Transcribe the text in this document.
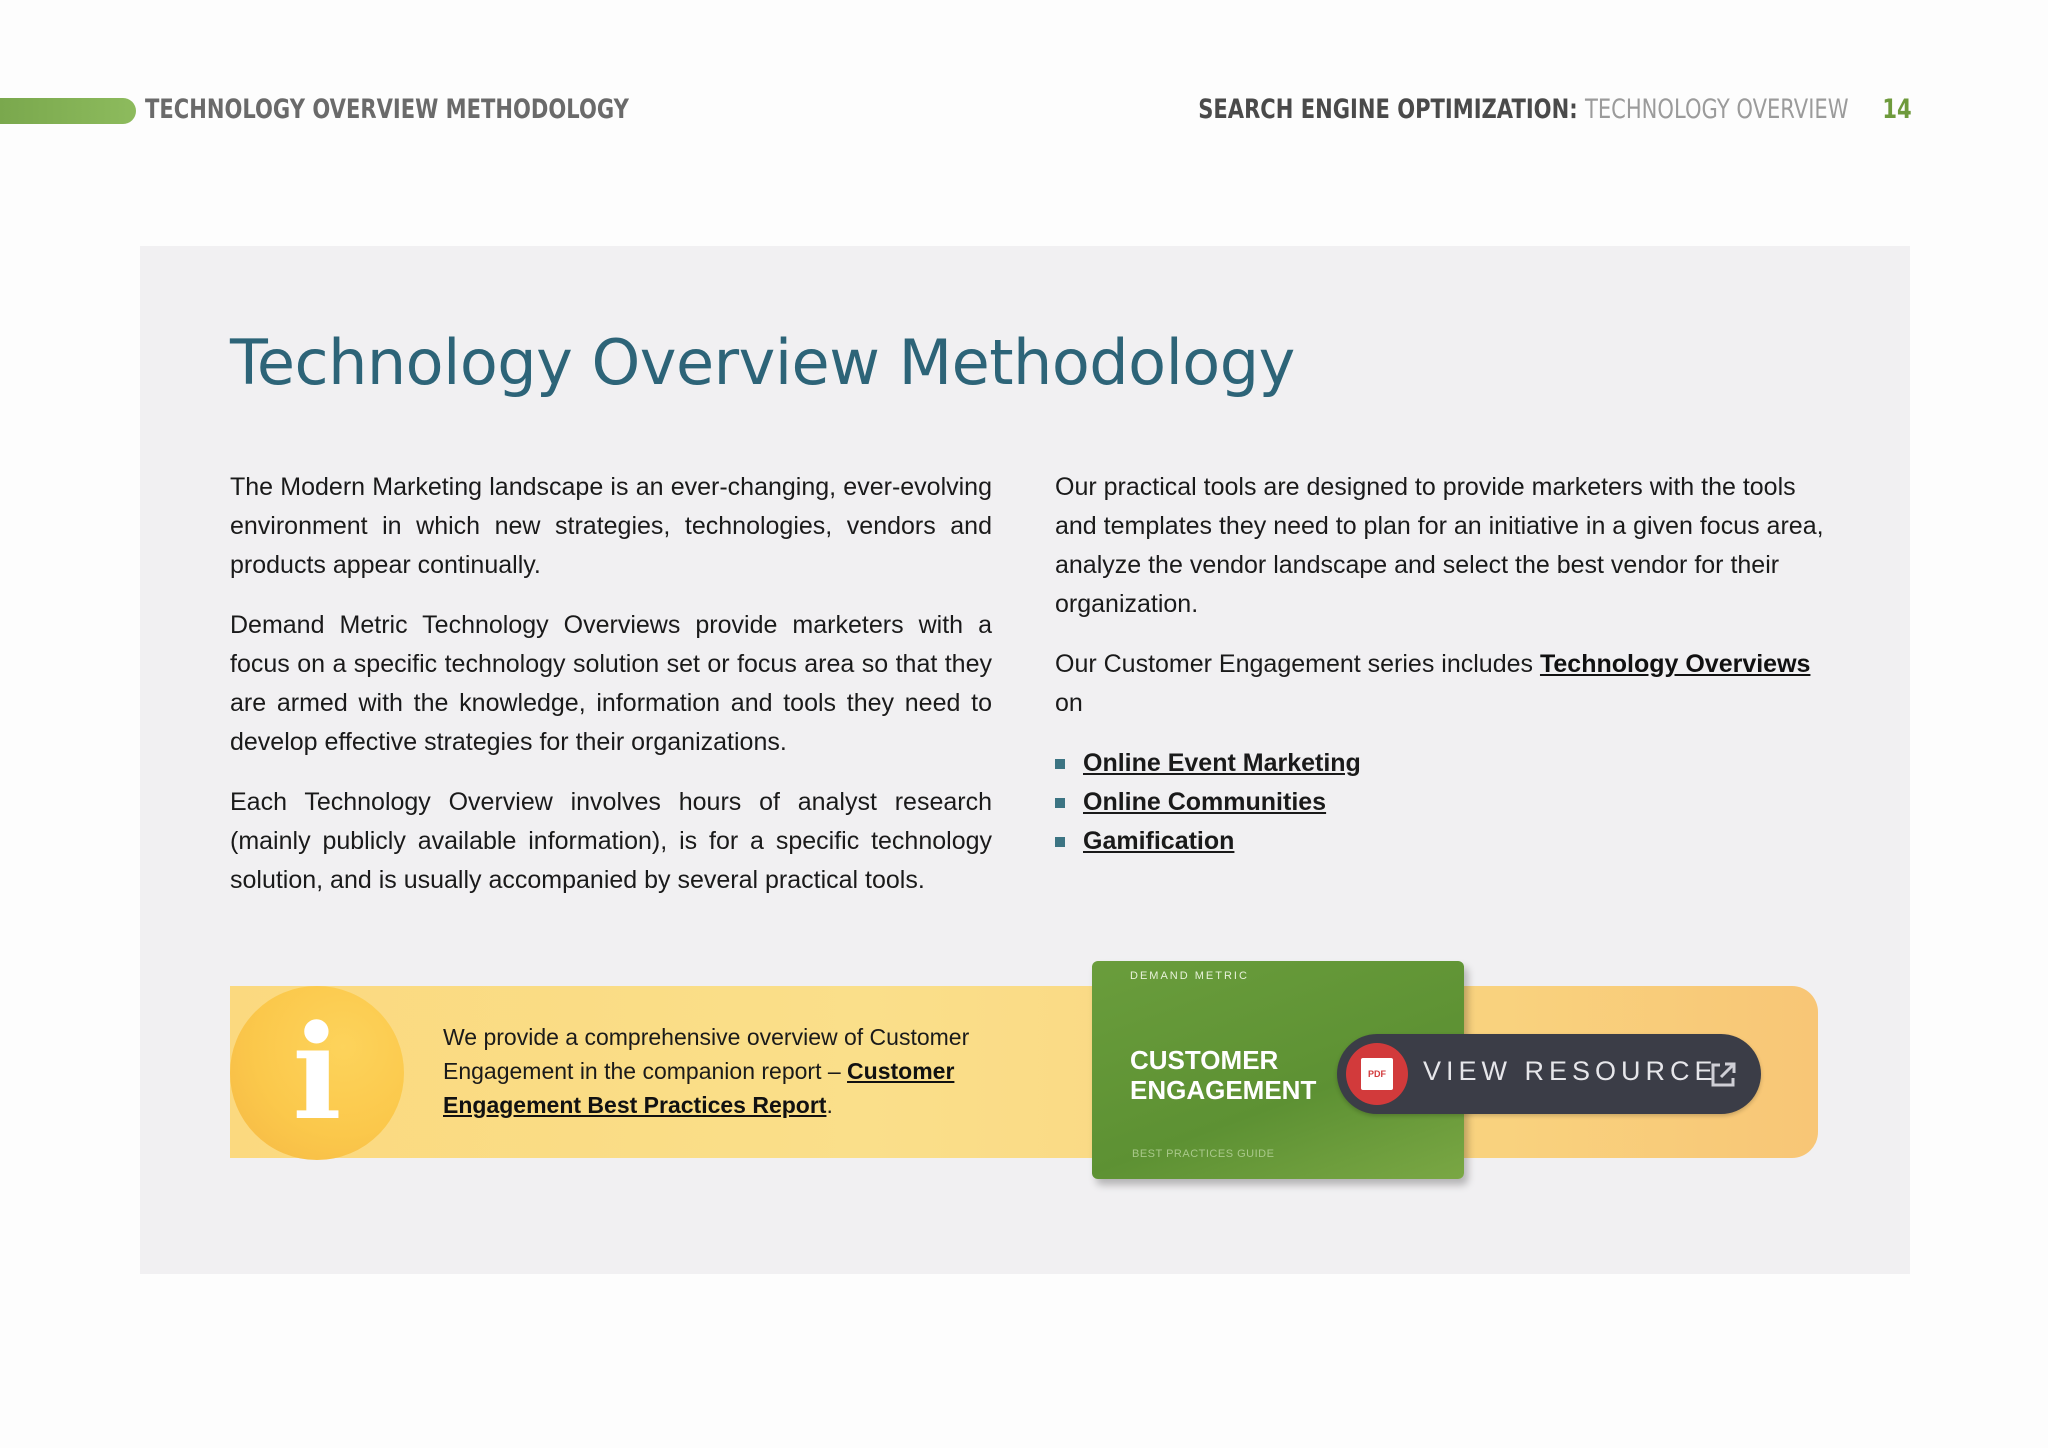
TECHNOLOGY OVERVIEW METHODOLOGY	SEARCH ENGINE OPTIMIZATION: TECHNOLOGY OVERVIEW 14
Technology Overview Methodology

The Modern Marketing landscape is an ever-changing, ever-evolving environment in which new strategies, technologies, vendors and products appear continually.

Demand Metric Technology Overviews provide marketers with a focus on a specific technology solution set or focus area so that they are armed with the knowledge, information and tools they need to develop effective strategies for their organizations.

Each Technology Overview involves hours of analyst research (mainly publicly available information), is for a specific technology solution, and is usually accompanied by several practical tools.

Our practical tools are designed to provide marketers with the tools and templates they need to plan for an initiative in a given focus area, analyze the vendor landscape and select the best vendor for their organization.

Our Customer Engagement series includes Technology Overviews on

Online Event Marketing
Online Communities
Gamification
i	We provide a comprehensive overview of Customer Engagement in the companion report – Customer Engagement Best Practices Report.
DEMAND METRIC
CUSTOMER
ENGAGEMENT
BEST PRACTICES GUIDE
PDF VIEW RESOURCE
